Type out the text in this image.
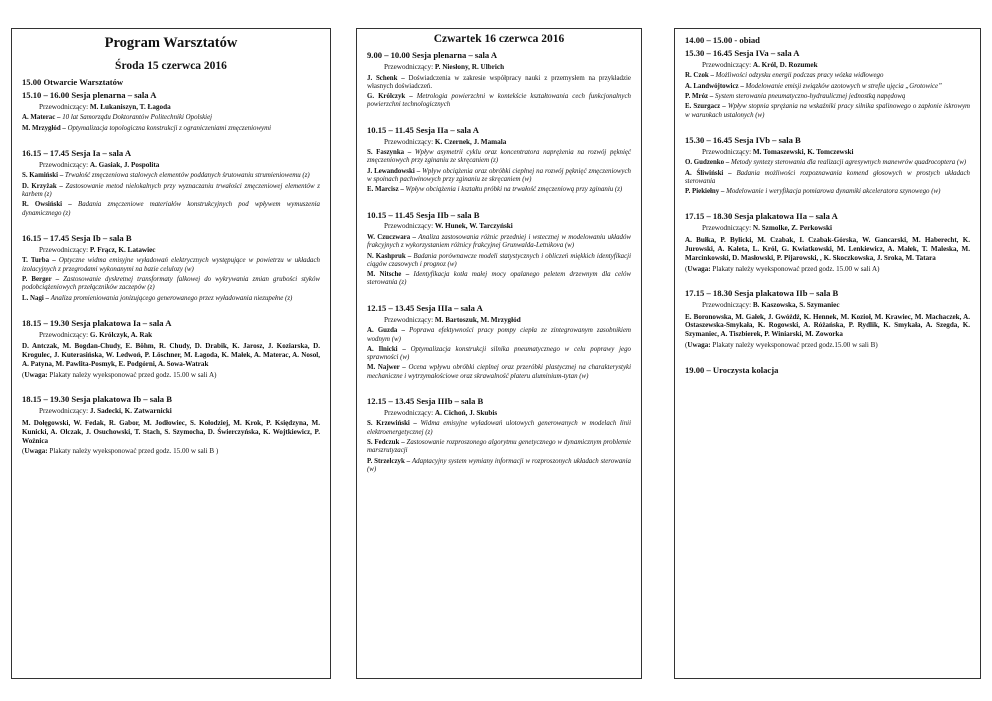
Program Warsztatów
Środa 15 czerwca 2016
15.00 Otwarcie Warsztatów
15.10 – 16.00 Sesja plenarna – sala A
Przewodniczący: M. Łukaniszyn, T. Łagoda
A. Materac – 10 lat Samorządu Doktorantów Politechniki Opolskiej
M. Mrzygłód – Optymalizacja topologiczna konstrukcji z ograniczeniami zmęczeniowymi
16.15 – 17.45 Sesja Ia – sala A
Przewodniczący: A. Gasiak, J. Pospolita
S. Kamiński – Trwałość zmęczeniowa stalowych elementów poddanych śrutowaniu strumieniowemu (z)
D. Krzyżak – Zastosowanie metod nielokalnych przy wyznaczaniu trwałości zmęczeniowej elementów z karbem (z)
R. Owsiński – Badania zmęczeniowe materiałów konstrukcyjnych pod wpływem wymuszenia dynamicznego (z)
16.15 – 17.45 Sesja Ib – sala B
Przewodniczący: P. Frącz, K. Latawiec
T. Turba – Optyczne widma emisyjne wyładowań elektrycznych występujące w powietrzu w układach izolacyjnych z przegrodami wykonanymi na bazie celulozy (w)
P. Berger – Zastosowanie dyskretnej transformaty falkowej do wykrywania zmian grubości styków podobciążeniowych przełączników zaczepów (z)
L. Nagi – Analiza promieniowania jonizującego generowanego przez wyładowania niezupełne (z)
18.15 – 19.30 Sesja plakatowa Ia – sala A
Przewodniczący: G. Królczyk, A. Rak
D. Antczak, M. Bogdan-Chudy, E. Böhm, R. Chudy, D. Drabik, K. Jarosz, J. Koziarska, D. Krogulec, J. Kuterasińska, W. Ledwoń, P. Löschner, M. Łagoda, K. Małek, A. Materac, A. Nosol, A. Patyna, M. Pawlita-Posmyk, E. Podgórni, A. Sowa-Watrak
(Uwaga: Plakaty należy wyeksponować przed godz. 15.00 w sali A)
18.15 – 19.30 Sesja plakatowa Ib – sala B
Przewodniczący: J. Sadecki, K. Zatwarnicki
M. Dołęgowski, W. Fedak, R. Gabor, M. Jodłowiec, S. Kołodziej, M. Krok, P. Księdzyna, M. Kunicki, A. Olczak, J. Osuchowski, T. Stach, S. Szymocha, D. Świerczyńska, K. Wojtkiewicz, P. Woźnica
(Uwaga: Plakaty należy wyeksponować przed godz. 15.00 w sali B )
Czwartek 16 czerwca 2016
9.00 – 10.00 Sesja plenarna – sala A
Przewodniczący: P. Niesłony, R. Ulbrich
J. Schenk – Doświadczenia w zakresie współpracy nauki z przemysłem na przykładzie własnych doświadczeń.
G. Królczyk – Metrologia powierzchni w kontekście kształtowania cech funkcjonalnych powierzchni technologicznych
10.15 – 11.45 Sesja IIa – sala A
Przewodniczący: K. Czernek, J. Mamala
S. Faszynka – Wpływ asymetrii cyklu oraz koncentratora naprężenia na rozwój pęknięć zmęczeniowych przy zginaniu ze skręcaniem (z)
J. Lewandowski – Wpływ obciążenia oraz obróbki cieplnej na rozwój pęknięć zmęczeniowych w spoinach pachwinowych przy zginaniu ze skręcaniem (w)
E. Marcisz – Wpływ obciążenia i kształtu próbki na trwałość zmęczeniową przy zginaniu (z)
10.15 – 11.45 Sesja IIb – sala B
Przewodniczący: W. Hunek, W. Tarczyński
W. Czuczwara – Analiza zastosowania różnic przedniej i wstecznej w modelowaniu układów frakcyjnych z wykorzystaniem różnicy frakcyjnej Grunwalda-Letnikova (w)
N. Kashpruk – Badania porównawcze modeli statystycznych i obliczeń miękkich identyfikacji ciągów czasowych i prognoz (w)
M. Nitsche – Identyfikacja kotła małej mocy opalanego peletem drzewnym dla celów sterowania (z)
12.15 – 13.45 Sesja IIIa – sala A
Przewodniczący: M. Bartoszuk, M. Mrzygłód
A. Guzda – Poprawa efektywności pracy pompy ciepła ze zintegrowanym zasobnikiem wodnym (w)
A. Ilnicki – Optymalizacja konstrukcji silnika pneumatycznego w celu poprawy jego sprawności (w)
M. Najwer – Ocena wpływu obróbki cieplnej oraz przeróbki plastycznej na charakterystyki mechaniczne i wytrzymałościowe oraz skrawalność plateru aluminium-tytan (w)
12.15 – 13.45 Sesja IIIb – sala B
Przewodniczący: A. Cichoń, J. Skubis
S. Krzewiński – Widma emisyjne wyładowań ulotowych generowanych w modelach linii elektroenergetycznej (z)
S. Fedczuk – Zastosowanie rozproszonego algorytmu genetycznego w dynamicznym problemie marszrutyzacji
P. Strzelczyk – Adaptacyjny system wymiany informacji w rozproszonych układach sterowania (w)
14.00 – 15.00 - obiad
15.30 – 16.45 Sesja IVa – sala A
Przewodniczący: A. Król, D. Rozumek
R. Czok – Możliwości odzysku energii podczas pracy wózka widłowego
A. Landwójtowicz – Modelowanie emisji związków azotowych w strefie ujęcia „Grotowice”
P. Mróz – System sterowania pneumatyczno-hydraulicznej jednostką napędową
E. Szurgacz – Wpływ stopnia sprężania na wskaźniki pracy silnika spalinowego o zapłonie iskrowym w warunkach ustalonych (w)
15.30 – 16.45 Sesja IVb – sala B
Przewodniczący: M. Tomaszewski, K. Tomczewski
O. Gudzenko – Metody syntezy sterowania dla realizacji agresywnych manewrów quadrocoptera (w)
A. Śliwiński – Badania możliwości rozpoznawania komend głosowych w prostych układach sterowania
P. Piekiełny – Modelowanie i weryfikacja pomiarowa dynamiki akceleratora szynowego (w)
17.15 – 18.30 Sesja plakatowa IIa – sala A
Przewodniczący: N. Szmolke, Z. Perkowski
A. Bułka, P. Bylicki, M. Czabak, I. Czabak-Górska, W. Gancarski, M. Haberecht, K. Jurowski, A. Kaleta, L. Król, G. Kwiatkowski, M. Lenkiewicz, A. Małek, T. Maleska, M. Marcinkowski, D. Masłowski, P. Pijarowski, , K. Skoczkowska, J. Sroka, M. Tatara
(Uwaga: Plakaty należy wyeksponować przed godz. 15.00 w sali A)
17.15 – 18.30 Sesja plakatowa IIb – sala B
Przewodniczący: B. Kaszowska, S. Szymaniec
E. Boronowska, M. Gałek, J. Gwóźdź, K. Hennek, M. Kozioł, M. Krawiec, M. Machaczek, A. Ostaszewska-Smykała, K. Rogowski, A. Różańska, P. Rydlik, K. Smykała, A. Szegda, K. Szymaniec, A. Tiszbierek, P. Winiarski, M. Zoworka
(Uwaga: Plakaty należy wyeksponować przed godz.15.00 w sali B)
19.00 – Uroczysta kolacja
